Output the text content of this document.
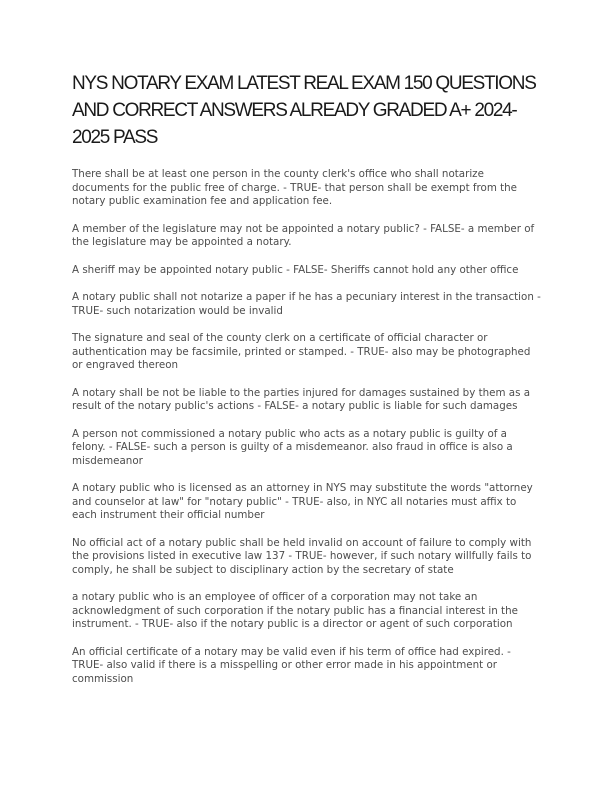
NYS NOTARY EXAM LATEST REAL EXAM 150 QUESTIONS AND CORRECT ANSWERS ALREADY GRADED A+ 2024-2025 PASS

There shall be at least one person in the county clerk's office who shall notarize documents for the public free of charge. - TRUE- that person shall be exempt from the notary public examination fee and application fee.

A member of the legislature may not be appointed a notary public? - FALSE- a member of the legislature may be appointed a notary.

A sheriff may be appointed notary public - FALSE- Sheriffs cannot hold any other office

A notary public shall not notarize a paper if he has a pecuniary interest in the transaction - TRUE- such notarization would be invalid

The signature and seal of the county clerk on a certificate of official character or authentication may be facsimile, printed or stamped. - TRUE- also may be photographed or engraved thereon

A notary shall be not be liable to the parties injured for damages sustained by them as a result of the notary public's actions - FALSE- a notary public is liable for such damages

A person not commissioned a notary public who acts as a notary public is guilty of a felony. - FALSE- such a person is guilty of a misdemeanor. also fraud in office is also a misdemeanor

A notary public who is licensed as an attorney in NYS may substitute the words "attorney and counselor at law" for "notary public" - TRUE- also, in NYC all notaries must affix to each instrument their official number

No official act of a notary public shall be held invalid on account of failure to comply with the provisions listed in executive law 137 - TRUE- however, if such notary willfully fails to comply, he shall be subject to disciplinary action by the secretary of state

a notary public who is an employee of officer of a corporation may not take an acknowledgment of such corporation if the notary public has a financial interest in the instrument. - TRUE- also if the notary public is a director or agent of such corporation

An official certificate of a notary may be valid even if his term of office had expired. - TRUE- also valid if there is a misspelling or other error made in his appointment or commission
